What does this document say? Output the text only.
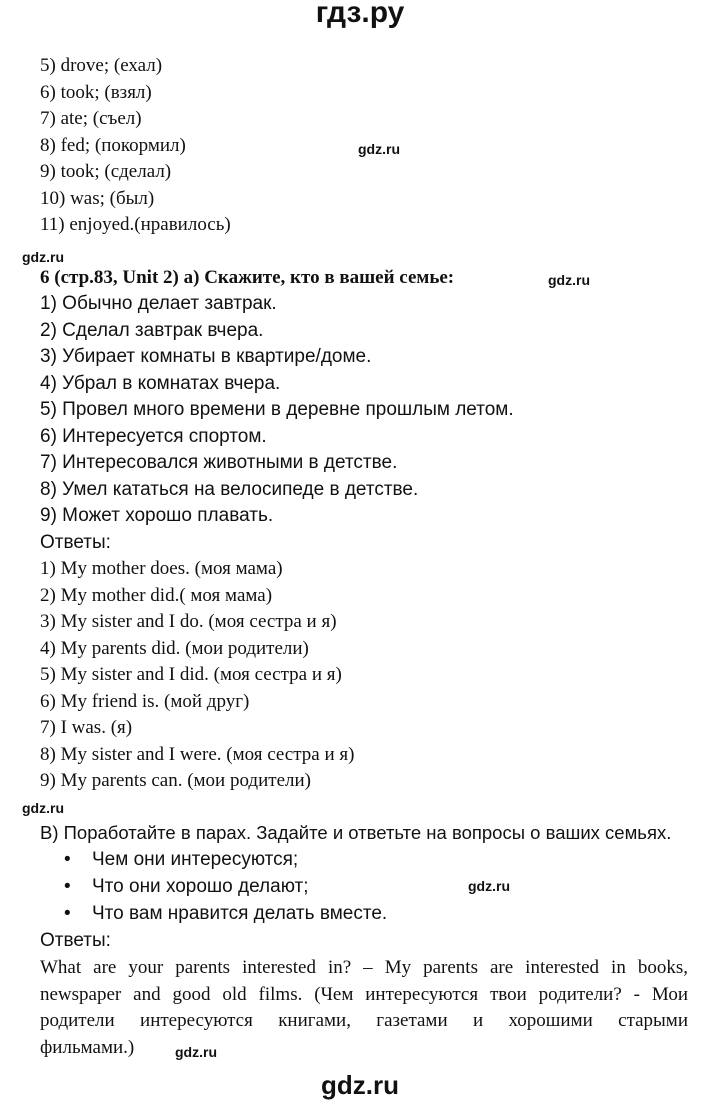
гдз.ру
5) drove; (ехал)
6) took; (взял)
7) ate; (съел)
8) fed; (покормил)
9) took; (сделал)
10) was; (был)
11) enjoyed.(нравилось)
gdz.ru
gdz.ru
6 (стр.83, Unit 2) a) Скажите, кто в вашей семье:	gdz.ru
1) Обычно делает завтрак.
2) Сделал завтрак вчера.
3) Убирает комнаты в квартире/доме.
4) Убрал в комнатах вчера.
5) Провел много времени в деревне прошлым летом.
6) Интересуется спортом.
7) Интересовался животными в детстве.
8) Умел кататься на велосипеде в детстве.
9) Может хорошо плавать.
Ответы:
1) My mother does. (моя мама)
2) My mother did.( моя мама)
3) My sister and I do. (моя сестра и я)
4) My parents did. (мои родители)
5) My sister and I did. (моя сестра и я)
6) My friend is. (мой друг)
7) I was. (я)
8) My sister and I were. (моя сестра и я)
9) My parents can. (мои родители)
gdz.ru
В) Поработайте в парах. Задайте и ответьте на вопросы о ваших семьях.
• Чем они интересуются;
• Что они хорошо делают;	gdz.ru
• Что вам нравится делать вместе.
Ответы:
What are your parents interested in? – My parents are interested in books,
newspaper and good old films. (Чем интересуются твои родители? - Мои
родители интересуются книгами, газетами и хорошими старыми
фильмами.)	gdz.ru
gdz.ru
